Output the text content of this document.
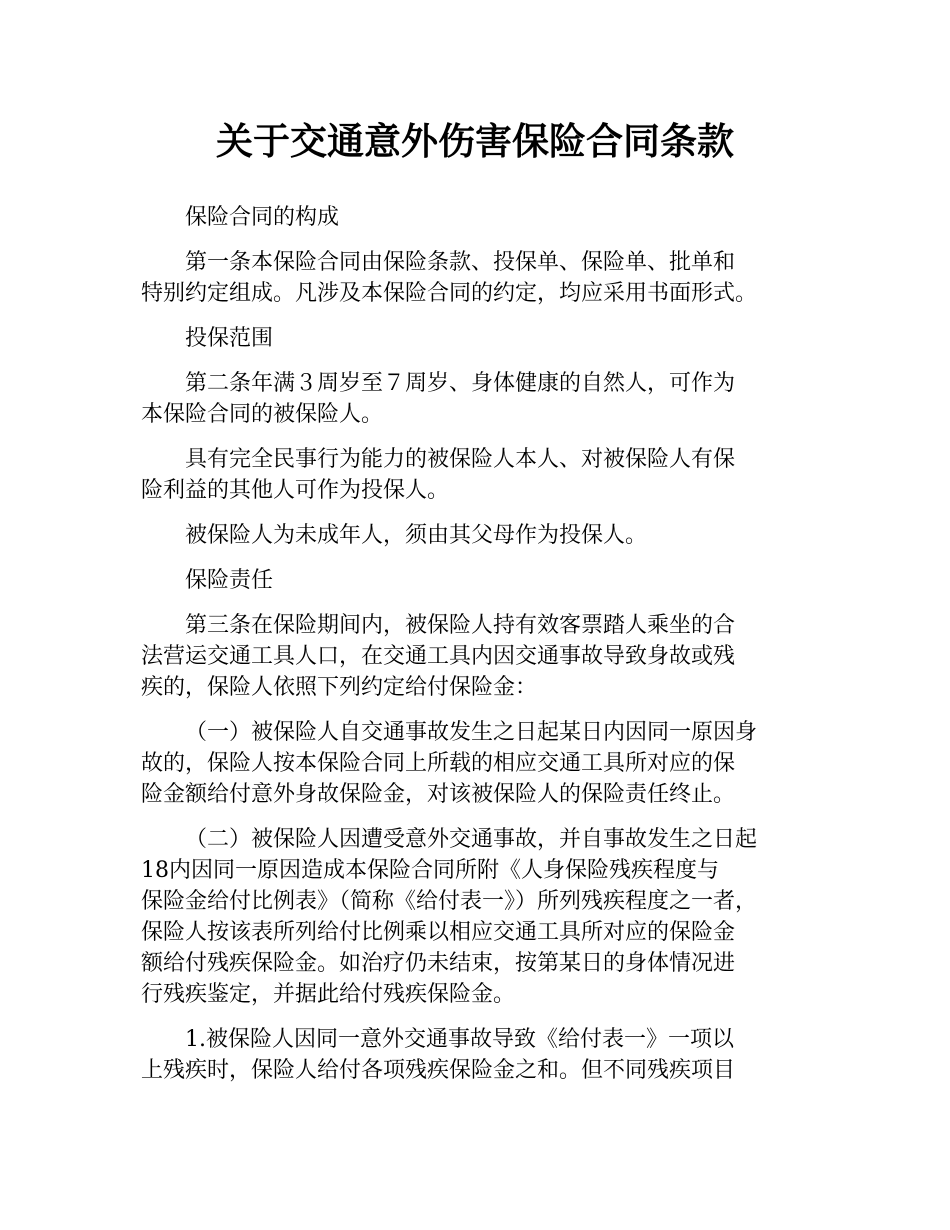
关于交通意外伤害保险合同条款

保险合同的构成

第一条本保险合同由保险条款、投保单、保险单、批单和
特别约定组成。凡涉及本保险合同的约定，均应采用书面形式。

投保范围

第二条年满３周岁至７周岁、身体健康的自然人，可作为
本保险合同的被保险人。

具有完全民事行为能力的被保险人本人、对被保险人有保
险利益的其他人可作为投保人。

被保险人为未成年人，须由其父母作为投保人。

保险责任

第三条在保险期间内，被保险人持有效客票踏人乘坐的合
法营运交通工具人口，在交通工具内因交通事故导致身故或残
疾的，保险人依照下列约定给付保险金：

（一）被保险人自交通事故发生之日起某日内因同一原因身
故的，保险人按本保险合同上所载的相应交通工具所对应的保
险金额给付意外身故保险金，对该被保险人的保险责任终止。

（二）被保险人因遭受意外交通事故，并自事故发生之日起
18内因同一原因造成本保险合同所附《人身保险残疾程度与
保险金给付比例表》（简称《给付表一》）所列残疾程度之一者，
保险人按该表所列给付比例乘以相应交通工具所对应的保险金
额给付残疾保险金。如治疗仍未结束，按第某日的身体情况进
行残疾鉴定，并据此给付残疾保险金。

1.被保险人因同一意外交通事故导致《给付表一》一项以
上残疾时，保险人给付各项残疾保险金之和。但不同残疾项目
